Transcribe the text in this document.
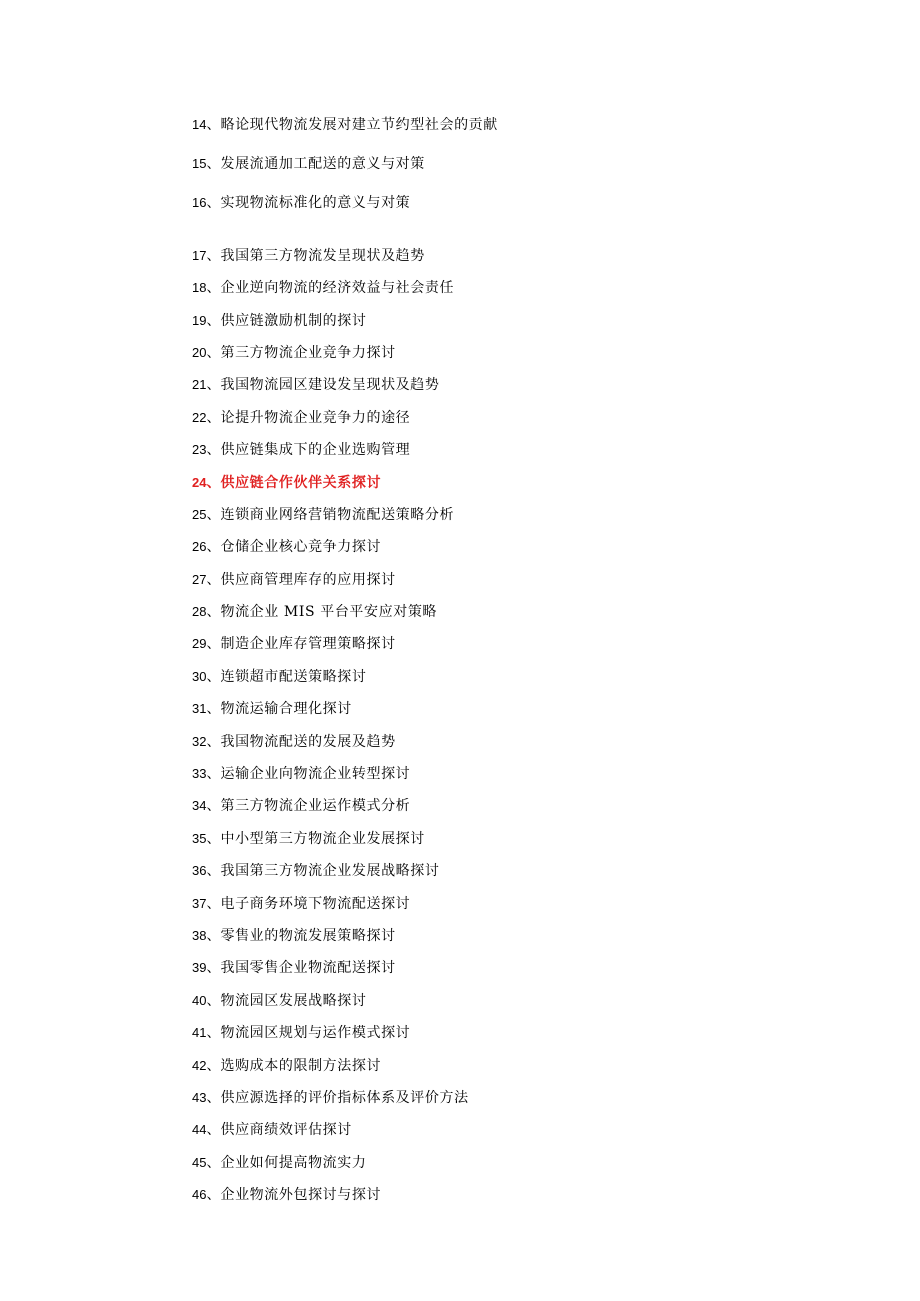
14、略论现代物流发展对建立节约型社会的贡献
15、发展流通加工配送的意义与对策
16、实现物流标准化的意义与对策
17、我国第三方物流发呈现状及趋势
18、企业逆向物流的经济效益与社会责任
19、供应链激励机制的探讨
20、第三方物流企业竞争力探讨
21、我国物流园区建设发呈现状及趋势
22、论提升物流企业竞争力的途径
23、供应链集成下的企业选购管理
24、供应链合作伙伴关系探讨
25、连锁商业网络营销物流配送策略分析
26、仓储企业核心竞争力探讨
27、供应商管理库存的应用探讨
28、物流企业 MIS 平台平安应对策略
29、制造企业库存管理策略探讨
30、连锁超市配送策略探讨
31、物流运输合理化探讨
32、我国物流配送的发展及趋势
33、运输企业向物流企业转型探讨
34、第三方物流企业运作模式分析
35、中小型第三方物流企业发展探讨
36、我国第三方物流企业发展战略探讨
37、电子商务环境下物流配送探讨
38、零售业的物流发展策略探讨
39、我国零售企业物流配送探讨
40、物流园区发展战略探讨
41、物流园区规划与运作模式探讨
42、选购成本的限制方法探讨
43、供应源选择的评价指标体系及评价方法
44、供应商绩效评估探讨
45、企业如何提高物流实力
46、企业物流外包探讨与探讨
